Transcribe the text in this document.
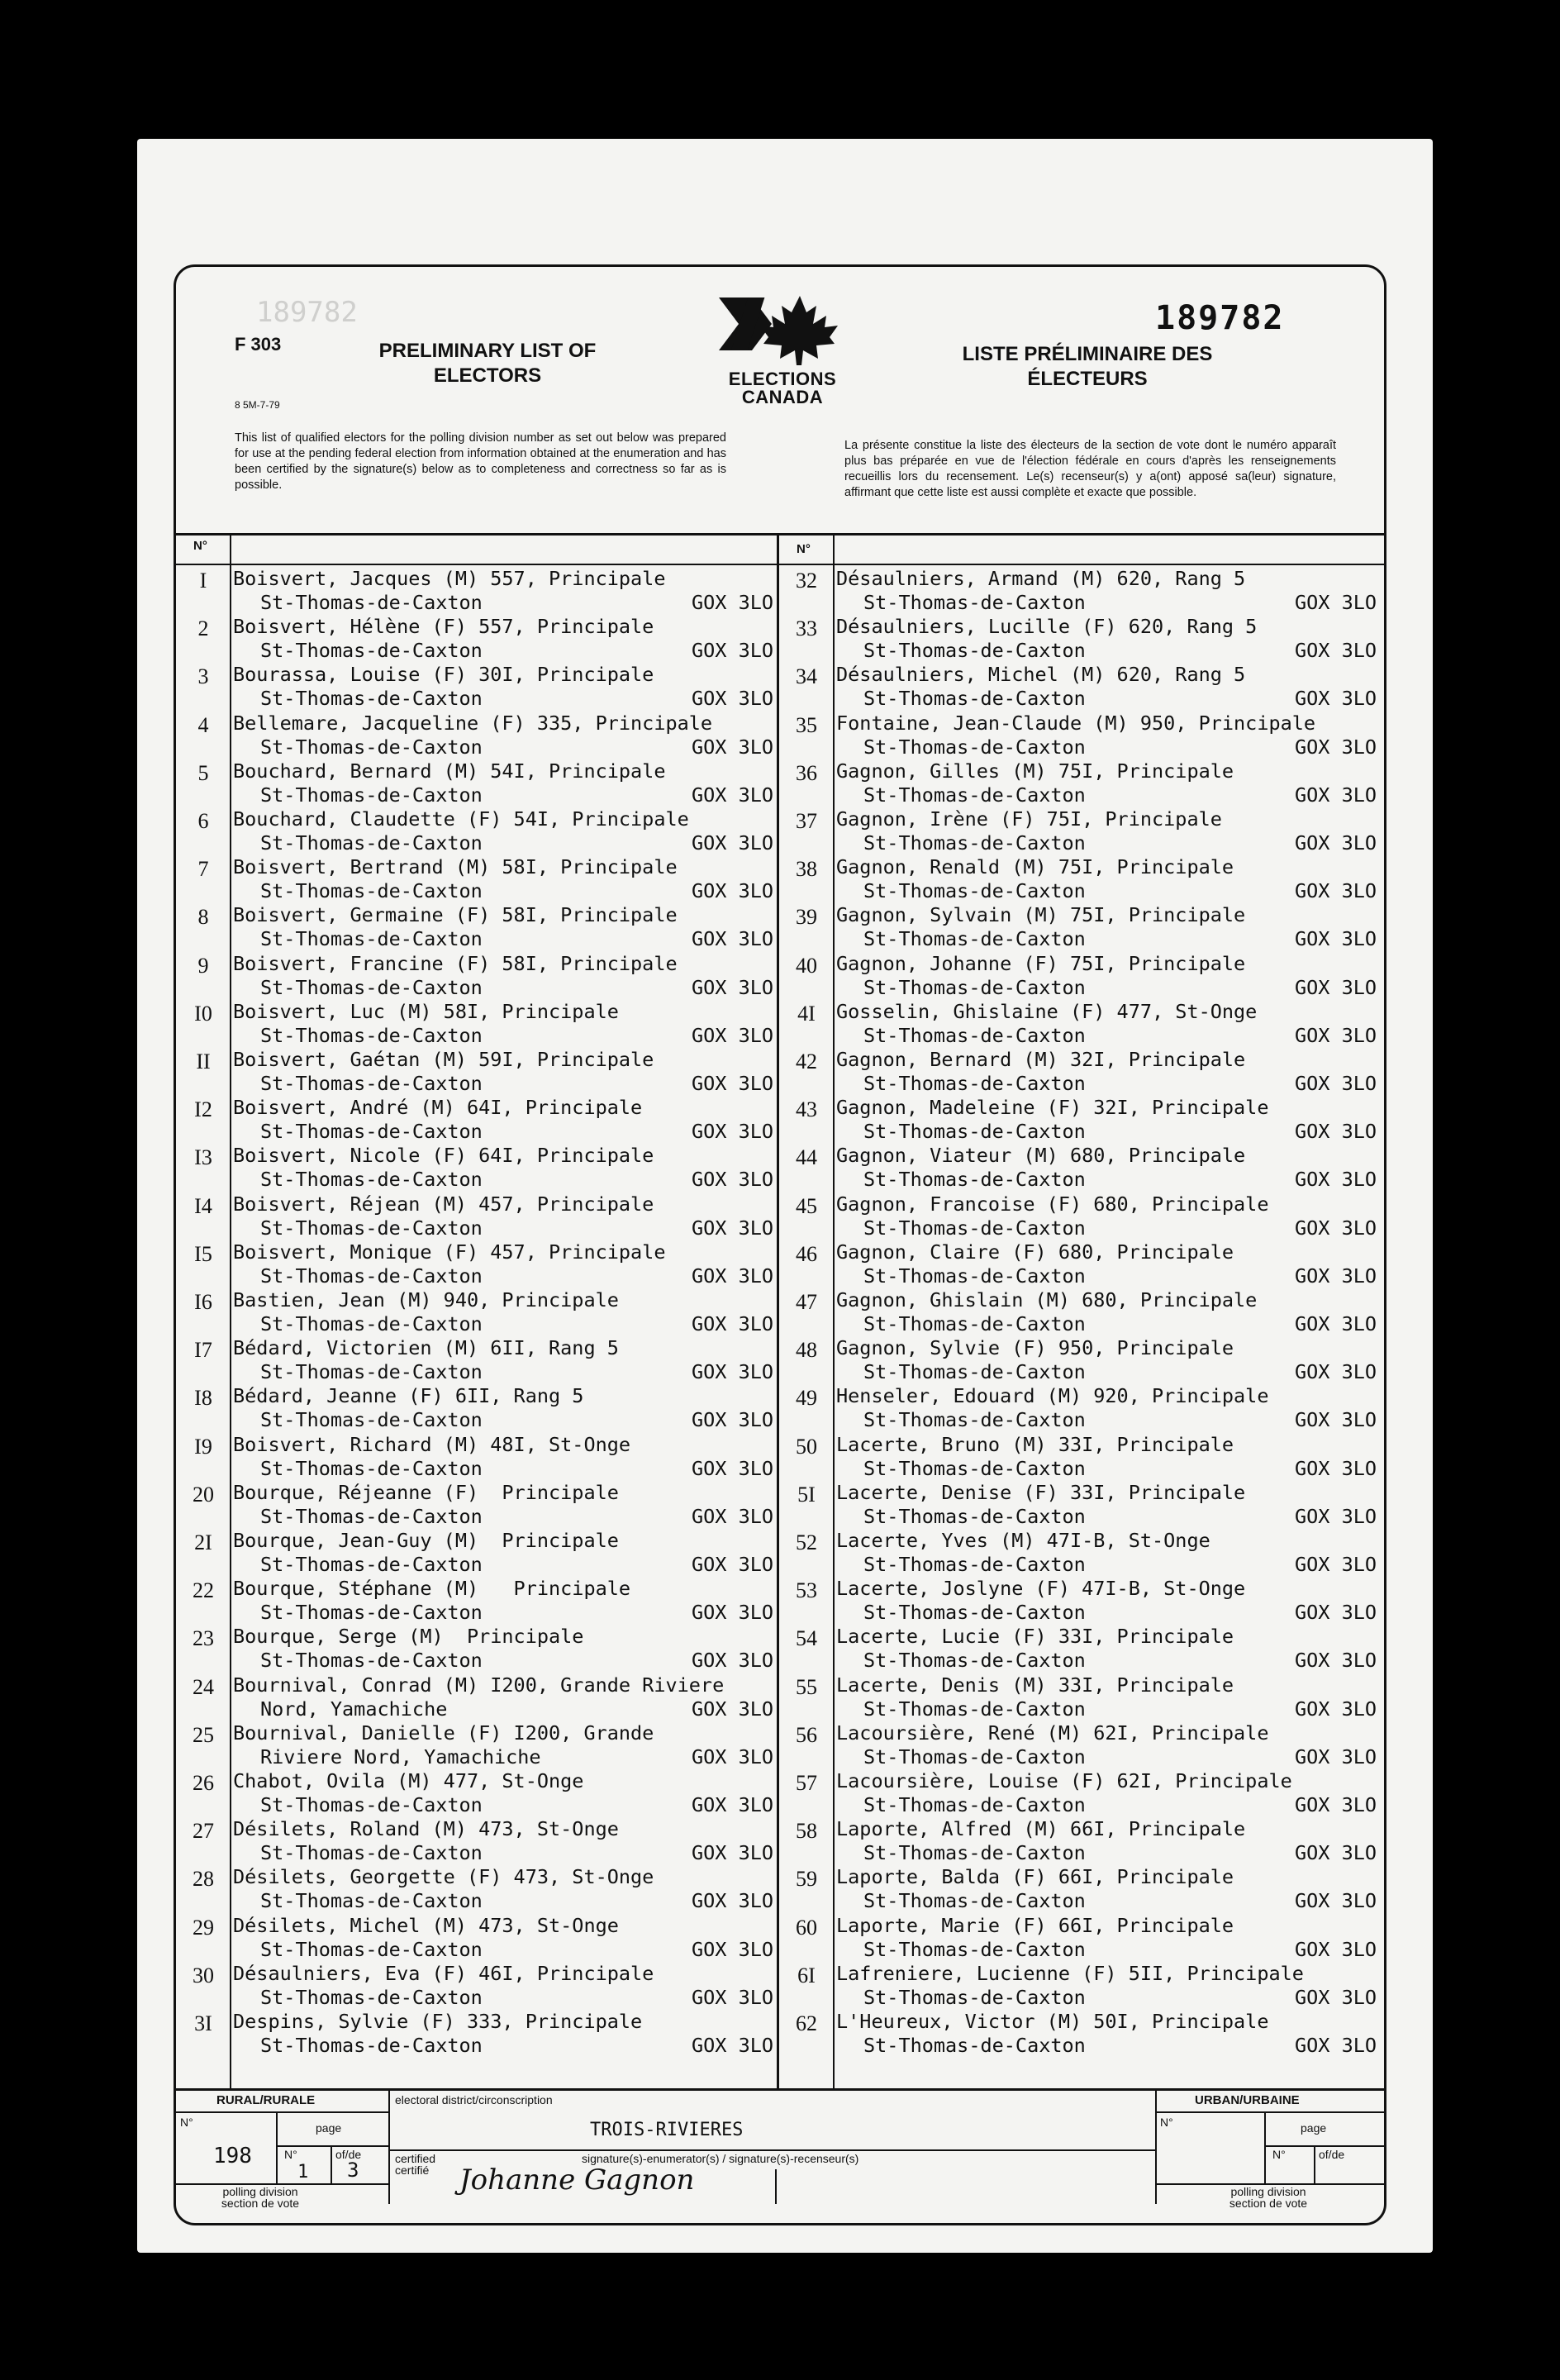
189782	189782
F 303
8 5M-7-79
PRELIMINARY LIST OF
ELECTORS
LISTE PRÉLIMINAIRE DES
ÉLECTEURS
ELECTIONS
CANADA
This list of qualified electors for the polling division number as set out below was prepared for use at the pending federal election from information obtained at the enumeration and has been certified by the signature(s) below as to completeness and correctness so far as is possible.
La présente constitue la liste des électeurs de la section de vote dont le numéro apparaît plus bas préparée en vue de l'élection fédérale en cours d'après les renseignements recueillis lors du recensement. Le(s) recenseur(s) y a(ont) apposé sa(leur) signature, affirmant que cette liste est aussi complète et exacte que possible.
N°	N°
I	Boisvert, Jacques (M) 557, Principale
St-Thomas-de-Caxton	GOX 3LO
2	Boisvert, Hélène (F) 557, Principale
St-Thomas-de-Caxton	GOX 3LO
3	Bourassa, Louise (F) 30I, Principale
St-Thomas-de-Caxton	GOX 3LO
4	Bellemare, Jacqueline (F) 335, Principale
St-Thomas-de-Caxton	GOX 3LO
5	Bouchard, Bernard (M) 54I, Principale
St-Thomas-de-Caxton	GOX 3LO
6	Bouchard, Claudette (F) 54I, Principale
St-Thomas-de-Caxton	GOX 3LO
7	Boisvert, Bertrand (M) 58I, Principale
St-Thomas-de-Caxton	GOX 3LO
8	Boisvert, Germaine (F) 58I, Principale
St-Thomas-de-Caxton	GOX 3LO
9	Boisvert, Francine (F) 58I, Principale
St-Thomas-de-Caxton	GOX 3LO
I0	Boisvert, Luc (M) 58I, Principale
St-Thomas-de-Caxton	GOX 3LO
II	Boisvert, Gaétan (M) 59I, Principale
St-Thomas-de-Caxton	GOX 3LO
I2	Boisvert, André (M) 64I, Principale
St-Thomas-de-Caxton	GOX 3LO
I3	Boisvert, Nicole (F) 64I, Principale
St-Thomas-de-Caxton	GOX 3LO
I4	Boisvert, Réjean (M) 457, Principale
St-Thomas-de-Caxton	GOX 3LO
I5	Boisvert, Monique (F) 457, Principale
St-Thomas-de-Caxton	GOX 3LO
I6	Bastien, Jean (M) 940, Principale
St-Thomas-de-Caxton	GOX 3LO
I7	Bédard, Victorien (M) 6II, Rang 5
St-Thomas-de-Caxton	GOX 3LO
I8	Bédard, Jeanne (F) 6II, Rang 5
St-Thomas-de-Caxton	GOX 3LO
I9	Boisvert, Richard (M) 48I, St-Onge
St-Thomas-de-Caxton	GOX 3LO
20 Bourque, Réjeanne (F)  Principale
St-Thomas-de-Caxton	GOX 3LO
2I	Bourque, Jean-Guy (M)  Principale
St-Thomas-de-Caxton	GOX 3LO
22 Bourque, Stéphane (M)   Principale
St-Thomas-de-Caxton	GOX 3LO
23 Bourque, Serge (M)  Principale
St-Thomas-de-Caxton	GOX 3LO
24 Bournival, Conrad (M) I200, Grande Riviere
Nord, Yamachiche	GOX 3LO
25 Bournival, Danielle (F) I200, Grande
Riviere Nord, Yamachiche	GOX 3LO
26 Chabot, Ovila (M) 477, St-Onge
St-Thomas-de-Caxton	GOX 3LO
27 Désilets, Roland (M) 473, St-Onge
St-Thomas-de-Caxton	GOX 3LO
28 Désilets, Georgette (F) 473, St-Onge
St-Thomas-de-Caxton	GOX 3LO
29 Désilets, Michel (M) 473, St-Onge
St-Thomas-de-Caxton	GOX 3LO
30 Désaulniers, Eva (F) 46I, Principale
St-Thomas-de-Caxton	GOX 3LO
3I	Despins, Sylvie (F) 333, Principale
St-Thomas-de-Caxton	GOX 3LO
32 Désaulniers, Armand (M) 620, Rang 5
St-Thomas-de-Caxton	GOX 3LO
33 Désaulniers, Lucille (F) 620, Rang 5
St-Thomas-de-Caxton	GOX 3LO
34 Désaulniers, Michel (M) 620, Rang 5
St-Thomas-de-Caxton	GOX 3LO
35 Fontaine, Jean-Claude (M) 950, Principale
St-Thomas-de-Caxton	GOX 3LO
36 Gagnon, Gilles (M) 75I, Principale
St-Thomas-de-Caxton	GOX 3LO
37 Gagnon, Irène (F) 75I, Principale
St-Thomas-de-Caxton	GOX 3LO
38 Gagnon, Renald (M) 75I, Principale
St-Thomas-de-Caxton	GOX 3LO
39 Gagnon, Sylvain (M) 75I, Principale
St-Thomas-de-Caxton	GOX 3LO
40 Gagnon, Johanne (F) 75I, Principale
St-Thomas-de-Caxton	GOX 3LO
4I	Gosselin, Ghislaine (F) 477, St-Onge
St-Thomas-de-Caxton	GOX 3LO
42 Gagnon, Bernard (M) 32I, Principale
St-Thomas-de-Caxton	GOX 3LO
43 Gagnon, Madeleine (F) 32I, Principale
St-Thomas-de-Caxton	GOX 3LO
44 Gagnon, Viateur (M) 680, Principale
St-Thomas-de-Caxton	GOX 3LO
45 Gagnon, Francoise (F) 680, Principale
St-Thomas-de-Caxton	GOX 3LO
46 Gagnon, Claire (F) 680, Principale
St-Thomas-de-Caxton	GOX 3LO
47 Gagnon, Ghislain (M) 680, Principale
St-Thomas-de-Caxton	GOX 3LO
48 Gagnon, Sylvie (F) 950, Principale
St-Thomas-de-Caxton	GOX 3LO
49 Henseler, Edouard (M) 920, Principale
St-Thomas-de-Caxton	GOX 3LO
50 Lacerte, Bruno (M) 33I, Principale
St-Thomas-de-Caxton	GOX 3LO
5I	Lacerte, Denise (F) 33I, Principale
St-Thomas-de-Caxton	GOX 3LO
52 Lacerte, Yves (M) 47I-B, St-Onge
St-Thomas-de-Caxton	GOX 3LO
53 Lacerte, Joslyne (F) 47I-B, St-Onge
St-Thomas-de-Caxton	GOX 3LO
54 Lacerte, Lucie (F) 33I, Principale
St-Thomas-de-Caxton	GOX 3LO
55 Lacerte, Denis (M) 33I, Principale
St-Thomas-de-Caxton	GOX 3LO
56 Lacoursière, René (M) 62I, Principale
St-Thomas-de-Caxton	GOX 3LO
57 Lacoursière, Louise (F) 62I, Principale
St-Thomas-de-Caxton	GOX 3LO
58 Laporte, Alfred (M) 66I, Principale
St-Thomas-de-Caxton	GOX 3LO
59 Laporte, Balda (F) 66I, Principale
St-Thomas-de-Caxton	GOX 3LO
60 Laporte, Marie (F) 66I, Principale
St-Thomas-de-Caxton	GOX 3LO
6I	Lafreniere, Lucienne (F) 5II, Principale
St-Thomas-de-Caxton	GOX 3LO
62 L'Heureux, Victor (M) 50I, Principale
St-Thomas-de-Caxton	GOX 3LO
RURAL/RURALE
N°	page
N°	of/de
198
1 3
polling division
section de vote
electoral district/circonscription
TROIS-RIVIERES
certified
certifié
signature(s)-enumerator(s) / signature(s)-recenseur(s)
Johanne Gagnon
URBAN/URBAINE
N°	page
N°	of/de
polling division
section de vote
